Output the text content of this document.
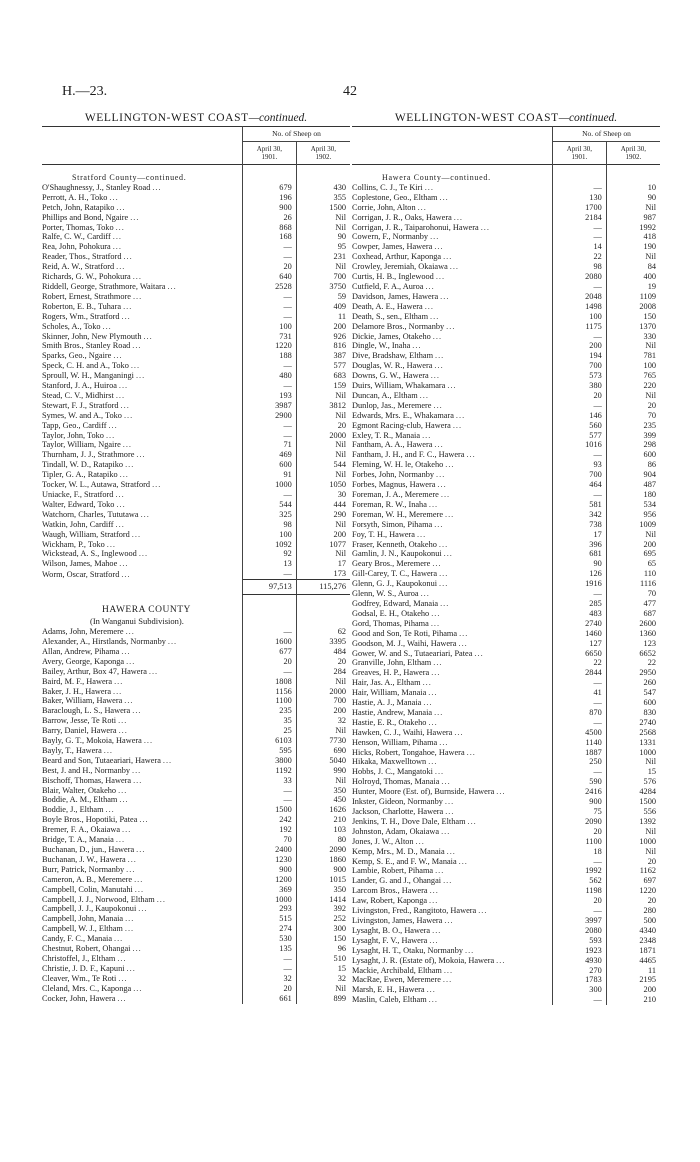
H.—23.	42
WELLINGTON-WEST COAST—continued.
	No. of Sheep on	
	April 30,
1901.	April 30,
1902.

Stratford County—continued.		
O'Shaughnessy, J., Stanley Road ...	679	430
Perrott, A. H., Toko ...	196	355
Petch, John, Ratapiko ...	900	1500
Phillips and Bond, Ngaire ...	26	Nil
Porter, Thomas, Toko ...	868	Nil
Ralfe, C. W., Cardiff ...	168	90
Rea, John, Pohokura ...	—	95
Reader, Thos., Stratford ...	—	231
Reid, A. W., Stratford ...	20	Nil
Richards, G. W., Pohokura ...	640	700
Riddell, George, Strathmore, Waitara ...	2528	3750
Robert, Ernest, Strathmore ...	—	59
Roberton, E. B., Tuhara ...	—	409
Rogers, Wm., Stratford ...	—	11
Scholes, A., Toko ...	100	200
Skinner, John, New Plymouth ...	731	926
Smith Bros., Stanley Road ...	1220	816
Sparks, Geo., Ngaire ...	188	387
Speck, C. H. and A., Toko ...	—	577
Sproull, W. H., Manganingi ...	480	683
Stanford, J. A., Huiroa ...	—	159
Stead, C. V., Midhirst ...	193	Nil
Stewart, F. J., Stratford ...	3987	3812
Symes, W. and A., Toko ...	2900	Nil
Tapp, Geo., Cardiff ...	—	20
Taylor, John, Toko ...	—	2000
Taylor, William, Ngaire ...	71	Nil
Thurnham, J. J., Strathmore ...	469	Nil
Tindall, W. D., Ratapiko ...	600	544
Tipler, G. A., Ratapiko ...	91	Nil
Tocker, W. L., Autawa, Stratford ...	1000	1050
Uniacke, F., Stratford ...	—	30
Walter, Edward, Toko ...	544	444
Watchorn, Charles, Tututawa ...	325	290
Watkin, John, Cardiff ...	98	Nil
Waugh, William, Stratford ...	100	200
Wickham, P., Toko ...	1092	1077
Wickstead, A. S., Inglewood ...	92	Nil
Wilson, James, Mahoe ...	13	17
Worm, Oscar, Stratford ...	—	173
	97,513	115,276

HAWERA COUNTY		
(In Wanganui Subdivision).		
Adams, John, Meremere ...	—	62
Alexander, A., Hirstlands, Normanby ...	1600	3395
Allan, Andrew, Pihama ...	677	484
Avery, George, Kaponga ...	20	20
Bailey, Arthur, Box 47, Hawera ...	—	284
Baird, M. F., Hawera ...	1808	Nil
Baker, J. H., Hawera ...	1156	2000
Baker, William, Hawera ...	1100	700
Baraclough, L. S., Hawera ...	235	200
Barrow, Jesse, Te Roti ...	35	32
Barry, Daniel, Hawera ...	25	Nil
Bayly, G. T., Mokoia, Hawera ...	6103	7730
Bayly, T., Hawera ...	595	690
Beard and Son, Tutaeariari, Hawera ...	3800	5040
Best, J. and H., Normanby ...	1192	990
Bischoff, Thomas, Hawera ...	33	Nil
Blair, Walter, Otakeho ...	—	350
Boddie, A. M., Eltham ...	—	450
Boddie, J., Eltham ...	1500	1626
Boyle Bros., Hopotiki, Patea ...	242	210
Bremer, F. A., Okaiawa ...	192	103
Bridge, T. A., Manaia ...	70	80
Buchanan, D., jun., Hawera ...	2400	2090
Buchanan, J. W., Hawera ...	1230	1860
Burr, Patrick, Normanby ...	900	900
Cameron, A. B., Meremere ...	1200	1015
Campbell, Colin, Manutahi ...	369	350
Campbell, J. J., Norwood, Eltham ...	1000	1414
Campbell, J. J., Kaupokonui ...	293	392
Campbell, John, Manaia ...	515	252
Campbell, W. J., Eltham ...	274	300
Candy, F. C., Manaia ...	530	150
Chestnut, Robert, Ohangai ...	135	96
Christoffel, J., Eltham ...	—	510
Christie, J. D. F., Kapuni ...	—	15
Cleaver, Wm., Te Roti ...	32	32
Cleland, Mrs. C., Kaponga ...	20	Nil
Cocker, John, Hawera ...	661	899
WELLINGTON-WEST COAST—continued.
	No. of Sheep on	
	April 30,
1901.	April 30,
1902.

Hawera County—continued.		
Collins, C. J., Te Kiri ...	—	10
Coplestone, Geo., Eltham ...	130	90
Corrie, John, Alton ...	1700	Nil
Corrigan, J. R., Oaks, Hawera ...	2184	987
Corrigan, J. R., Taiparohonui, Hawera ...	—	1992
Cowern, F., Normanby ...	—	418
Cowper, James, Hawera ...	14	190
Coxhead, Arthur, Kaponga ...	22	Nil
Crowley, Jeremiah, Okaiawa ...	98	84
Curtis, H. B., Inglewood ...	2080	400
Cutfield, F. A., Auroa ...	—	19
Davidson, James, Hawera ...	2048	1109
Death, A. E., Hawera ...	1498	2008
Death, S., sen., Eltham ...	100	150
Delamore Bros., Normanby ...	1175	1370
Dickie, James, Otakeho ...	—	330
Dingle, W., Inaha ...	200	Nil
Dive, Bradshaw, Eltham ...	194	781
Douglas, W. R., Hawera ...	700	100
Downs, G. W., Hawera ...	573	765
Duirs, William, Whakamara ...	380	220
Duncan, A., Eltham ...	20	Nil
Dunlop, Jas., Meremere ...	—	20
Edwards, Mrs. E., Whakamara ...	146	70
Egmont Racing-club, Hawera ...	560	235
Exley, T. R., Manaia ...	577	399
Fantham, A. A., Hawera ...	1016	298
Fantham, J. H., and F. C., Hawera ...	—	600
Fleming, W. H. le, Otakeho ...	93	86
Forbes, John, Normanby ...	700	904
Forbes, Magnus, Hawera ...	464	487
Foreman, J. A., Meremere ...	—	180
Foreman, R. W., Inaha ...	581	534
Foreman, W. H., Meremere ...	342	956
Forsyth, Simon, Pihama ...	738	1009
Foy, T. H., Hawera ...	17	Nil
Fraser, Kenneth, Otakeho ...	396	200
Gamlin, J. N., Kaupokonui ...	681	695
Geary Bros., Meremere ...	90	65
Gill-Carey, T. C., Hawera ...	126	110
Glenn, G. J., Kaupokonui ...	1916	1116
Glenn, W. S., Auroa ...	—	70
Godfrey, Edward, Manaia ...	285	477
Godsal, E. H., Otakeho ...	483	687
Gord, Thomas, Pihama ...	2740	2600
Good and Son, Te Roti, Pihama ...	1460	1360
Goodson, M. J., Waihi, Hawera ...	127	123
Gower, W. and S., Tutaeariari, Patea ...	6650	6652
Granville, John, Eltham ...	22	22
Greaves, H. P., Hawera ...	2844	2950
Hair, Jas. A., Eltham ...	—	260
Hair, William, Manaia ...	41	547
Hastie, A. J., Manaia ...	—	600
Hastie, Andrew, Manaia ...	870	830
Hastie, E. R., Otakeho ...	—	2740
Hawken, C. J., Waihi, Hawera ...	4500	2568
Henson, William, Pihama ...	1140	1331
Hicks, Robert, Tongahoe, Hawera ...	1887	1000
Hikaka, Maxwelltown ...	250	Nil
Hobbs, J. C., Mangatoki ...	—	15
Holroyd, Thomas, Manaia ...	590	576
Hunter, Moore (Est. of), Burnside, Hawera ...	2416	4284
Inkster, Gideon, Normanby ...	900	1500
Jackson, Charlotte, Hawera ...	75	556
Jenkins, T. H., Dove Dale, Eltham ...	2090	1392
Johnston, Adam, Okaiawa ...	20	Nil
Jones, J. W., Alton ...	1100	1000
Kemp, Mrs., M. D., Manaia ...	18	Nil
Kemp, S. E., and F. W., Manaia ...	—	20
Lambie, Robert, Pihama ...	1992	1162
Lander, G. and J., Ohangai ...	562	697
Larcom Bros., Hawera ...	1198	1220
Law, Robert, Kaponga ...	20	20
Livingston, Fred., Rangitoto, Hawera ...	—	280
Livingston, James, Hawera ...	3997	500
Lysaght, B. O., Hawera ...	2080	4340
Lysaght, F. V., Hawera ...	593	2348
Lysaght, H. T., Otaku, Normanby ...	1923	1871
Lysaght, J. R. (Estate of), Mokoia, Hawera ...	4930	4465
Mackie, Archibald, Eltham ...	270	11
MacRae, Ewen, Meremere ...	1783	2195
Marsh, E. H., Hawera ...	300	200
Maslin, Caleb, Eltham ...	—	210
